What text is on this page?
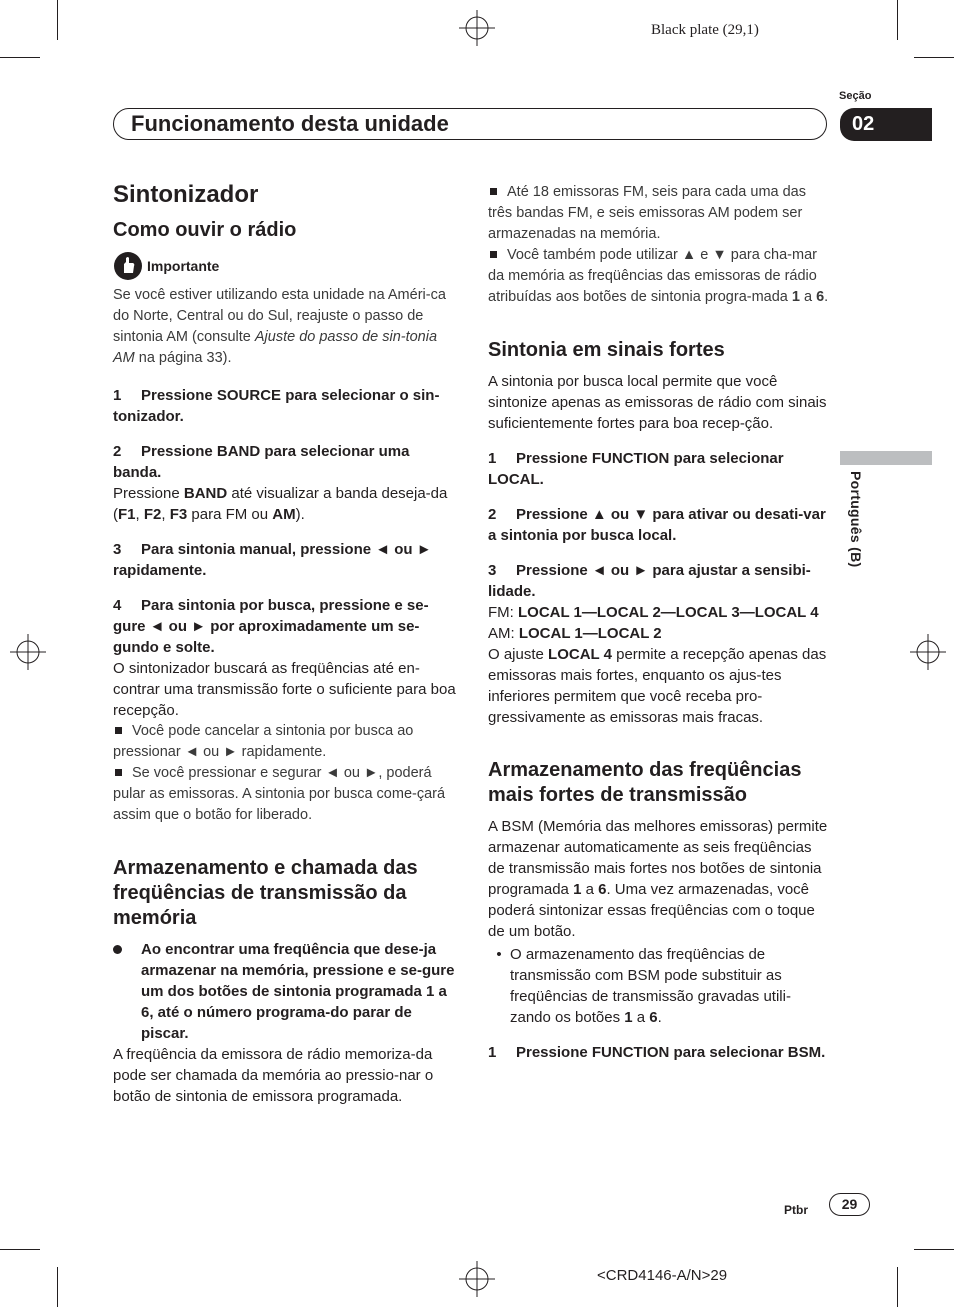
Black plate (29,1)
Seção
Funcionamento desta unidade	02
Português (B)
Sintonizador
Como ouvir o rádio
Importante

Se você estiver utilizando esta unidade na Améri-ca do Norte, Central ou do Sul, reajuste o passo de sintonia AM (consulte Ajuste do passo de sin-tonia AM na página 33).

1 Pressione SOURCE para selecionar o sin-tonizador.
2 Pressione BAND para selecionar uma banda.

Pressione BAND até visualizar a banda deseja-da (F1, F2, F3 para FM ou AM).

3 Para sintonia manual, pressione ◄ ou ► rapidamente.
4 Para sintonia por busca, pressione e se-gure ◄ ou ► por aproximadamente um se-gundo e solte.

O sintonizador buscará as freqüências até en-contrar uma transmissão forte o suficiente para boa recepção.

Você pode cancelar a sintonia por busca ao pressionar ◄ ou ► rapidamente.
Se você pressionar e segurar ◄ ou ►, poderá pular as emissoras. A sintonia por busca come-çará assim que o botão for liberado.
Armazenamento e chamada das freqüências de transmissão da memória
Ao encontrar uma freqüência que dese-ja armazenar na memória, pressione e se-gure um dos botões de sintonia programada 1 a 6, até o número programa-do parar de piscar.

A freqüência da emissora de rádio memoriza-da pode ser chamada da memória ao pressio-nar o botão de sintonia de emissora programada.

Até 18 emissoras FM, seis para cada uma das três bandas FM, e seis emissoras AM podem ser armazenadas na memória.
Você também pode utilizar ▲ e ▼ para cha-mar da memória as freqüências das emissoras de rádio atribuídas aos botões de sintonia progra-mada 1 a 6.
Sintonia em sinais fortes

A sintonia por busca local permite que você sintonize apenas as emissoras de rádio com sinais suficientemente fortes para boa recep-ção.

1 Pressione FUNCTION para selecionar LOCAL.
2 Pressione ▲ ou ▼ para ativar ou desati-var a sintonia por busca local.
3 Pressione ◄ ou ► para ajustar a sensibi-lidade.

FM: LOCAL 1—LOCAL 2—LOCAL 3—LOCAL 4

AM: LOCAL 1—LOCAL 2

O ajuste LOCAL 4 permite a recepção apenas das emissoras mais fortes, enquanto os ajus-tes inferiores permitem que você receba pro-gressivamente as emissoras mais fracas.

Armazenamento das freqüências mais fortes de transmissão

A BSM (Memória das melhores emissoras) permite armazenar automaticamente as seis freqüências de transmissão mais fortes nos botões de sintonia programada 1 a 6. Uma vez armazenadas, você poderá sintonizar essas freqüências com o toque de um botão.

• O armazenamento das freqüências de transmissão com BSM pode substituir as freqüências de transmissão gravadas utili-zando os botões 1 a 6.
1 Pressione FUNCTION para selecionar BSM.
Ptbr	29
<CRD4146-A/N>29
